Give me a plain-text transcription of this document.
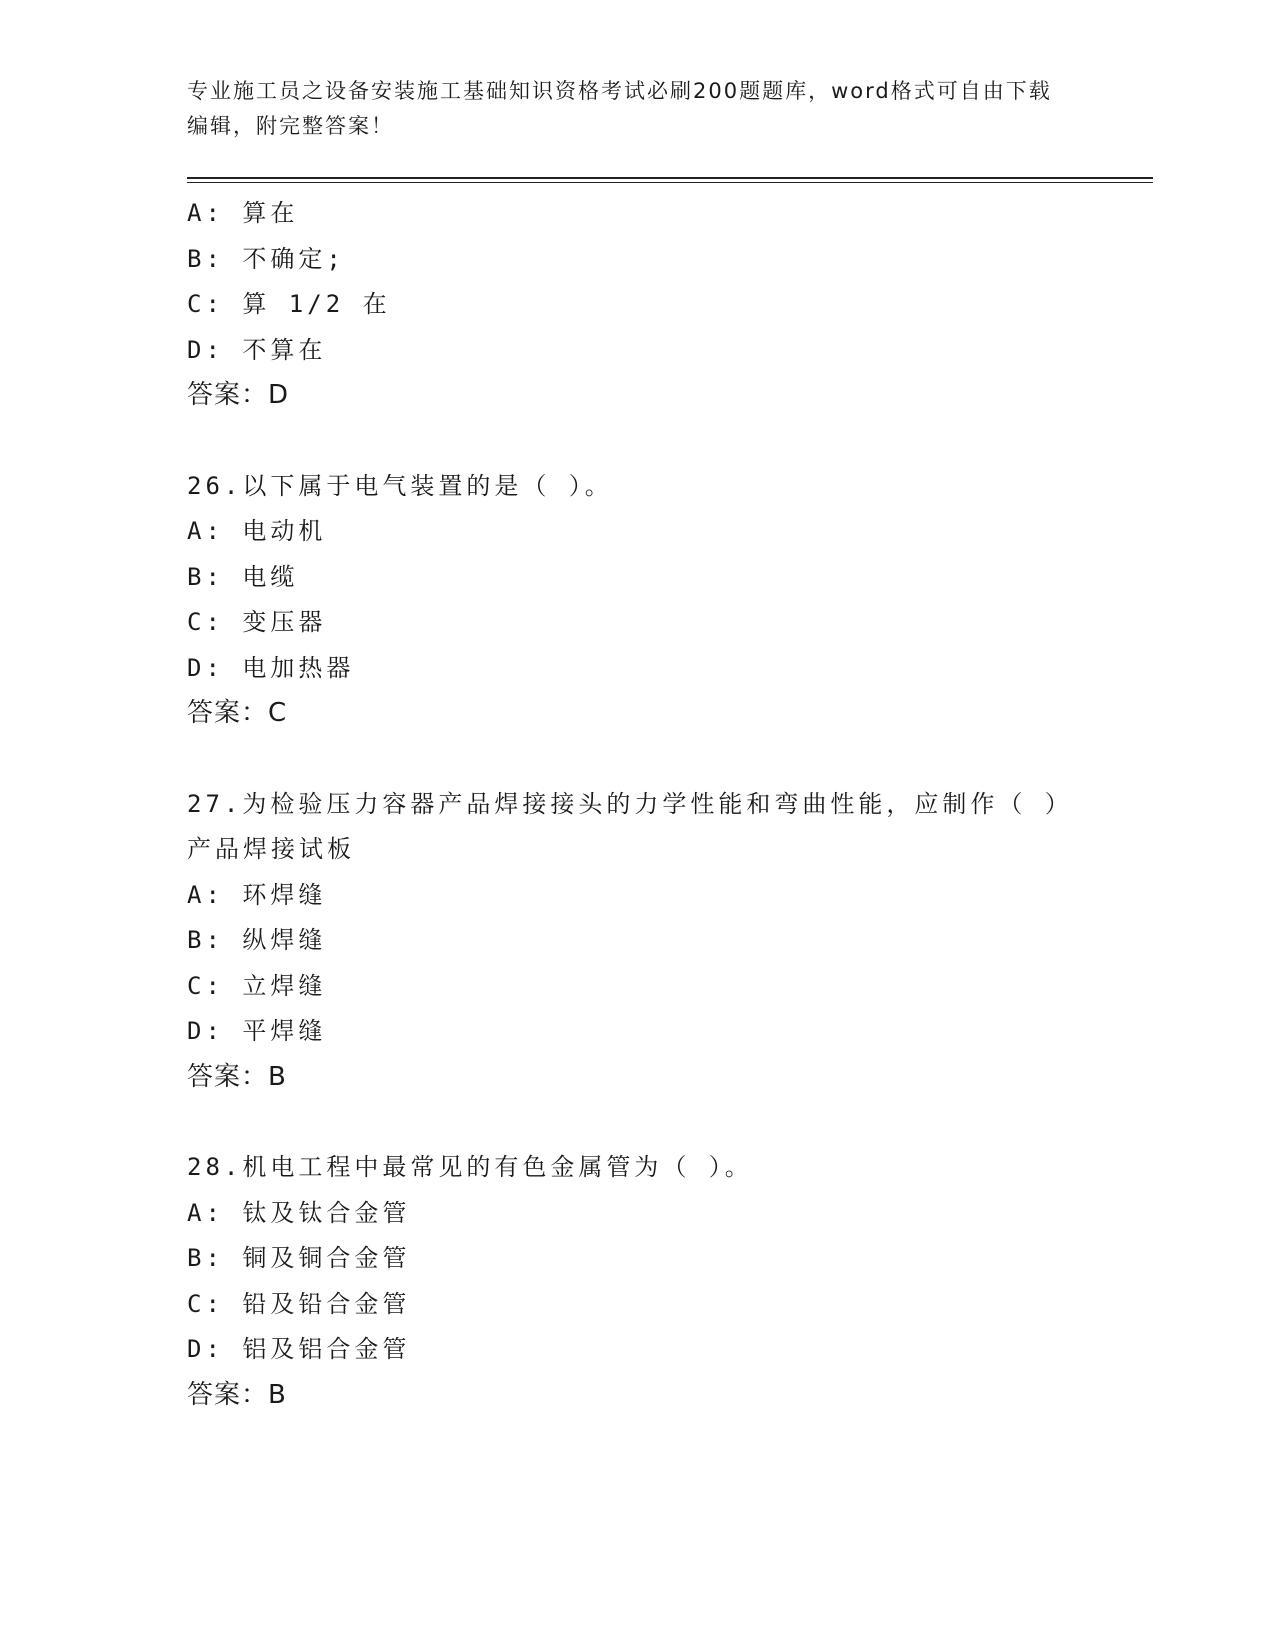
专业施工员之设备安装施工基础知识资格考试必刷200题题库，word格式可自由下载编辑，附完整答案！
A: 算在
B: 不确定;
C: 算 1/2 在
D: 不算在
答案：D
26.以下属于电气装置的是（ ）。
A: 电动机
B: 电缆
C: 变压器
D: 电加热器
答案：C
27.为检验压力容器产品焊接接头的力学性能和弯曲性能，应制作（ ）产品焊接试板
A: 环焊缝
B: 纵焊缝
C: 立焊缝
D: 平焊缝
答案：B
28.机电工程中最常见的有色金属管为（ ）。
A: 钛及钛合金管
B: 铜及铜合金管
C: 铅及铅合金管
D: 铝及铝合金管
答案：B
